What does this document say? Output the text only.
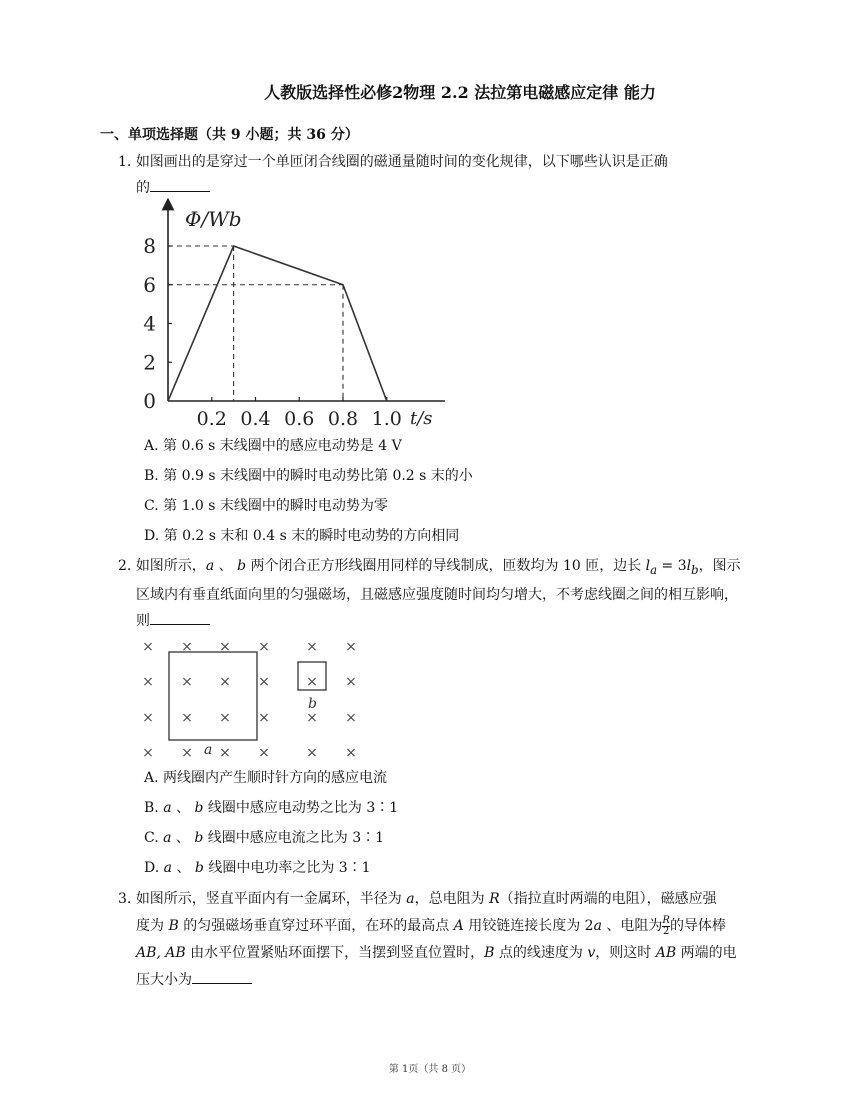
人教版选择性必修2物理 2.2 法拉第电磁感应定律 能力
一、单项选择题（共 9 小题；共 36 分）
1. 如图画出的是穿过一个单匝闭合线圈的磁通量随时间的变化规律，以下哪些认识是正确
的
0
2
4
6
8
0.2 0.4 0.6 0.8 1.0
Φ/Wb
t/s
A. 第 0.6 s 末线圈中的感应电动势是 4 V
B. 第 0.9 s 末线圈中的瞬时电动势比第 0.2 s 末的小
C. 第 1.0 s 末线圈中的瞬时电动势为零
D. 第 0.2 s 末和 0.4 s 末的瞬时电动势的方向相同
2. 如图所示，a 、 b 两个闭合正方形线圈用同样的导线制成，匝数均为 10 匝，边长 $l_a = 3l_b$，图示
区域内有垂直纸面向里的匀强磁场，且磁感应强度随时间均匀增大，不考虑线圈之间的相互影响，
则
× × × ×	× ×
× × × ×	× ×
× × × ×	× ×
× × × ×	× ×
a
b
A. 两线圈内产生顺时针方向的感应电流
B. a 、 b 线圈中感应电动势之比为 3∶1
C. a 、 b 线圈中感应电流之比为 3∶1
D. a 、 b 线圈中电功率之比为 3∶1
3. 如图所示，竖直平面内有一金属环，半径为 a，总电阻为 R（指拉直时两端的电阻），磁感应强
度为 B 的匀强磁场垂直穿过环平面，在环的最高点 A 用铰链连接长度为 2a 、电阻为 $\frac{R}{2}$ 的导体棒
AB, AB 由水平位置紧贴环面摆下，当摆到竖直位置时，B 点的线速度为 v，则这时 AB 两端的电
压大小为
第 1页（共 8 页）
